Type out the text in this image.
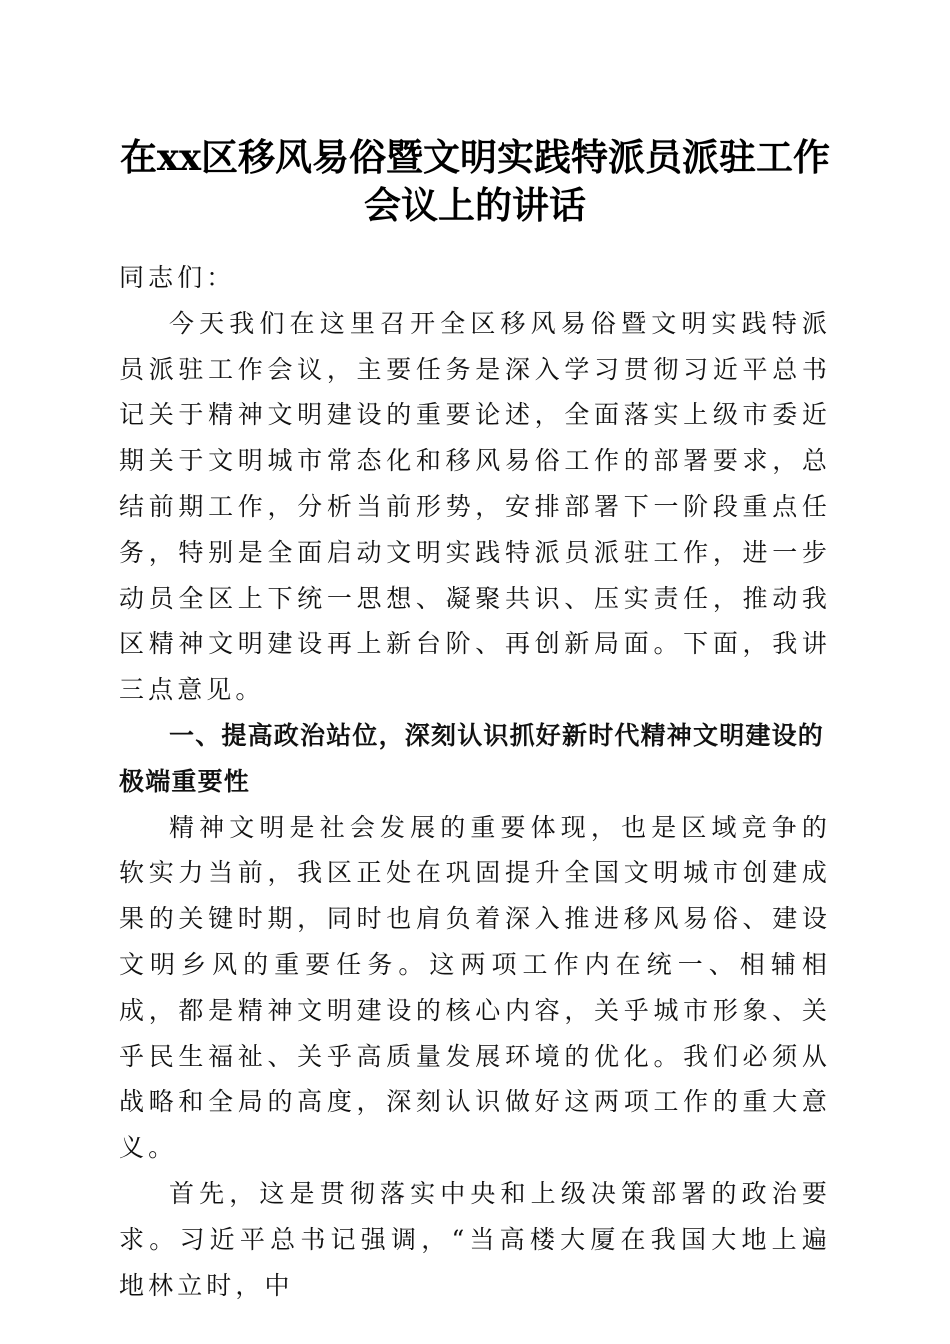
在xx区移风易俗暨文明实践特派员派驻工作
会议上的讲话

同志们：

今天我们在这里召开全区移风易俗暨文明实践特派员派驻工作会议，主要任务是深入学习贯彻习近平总书记关于精神文明建设的重要论述，全面落实上级市委近期关于文明城市常态化和移风易俗工作的部署要求，总结前期工作，分析当前形势，安排部署下一阶段重点任务，特别是全面启动文明实践特派员派驻工作，进一步动员全区上下统一思想、凝聚共识、压实责任，推动我区精神文明建设再上新台阶、再创新局面。下面，我讲三点意见。

一、提高政治站位，深刻认识抓好新时代精神文明建设的极端重要性

精神文明是社会发展的重要体现，也是区域竞争的软实力当前，我区正处在巩固提升全国文明城市创建成果的关键时期，同时也肩负着深入推进移风易俗、建设文明乡风的重要任务。这两项工作内在统一、相辅相成，都是精神文明建设的核心内容，关乎城市形象、关乎民生福祉、关乎高质量发展环境的优化。我们必须从战略和全局的高度，深刻认识做好这两项工作的重大意义。

首先，这是贯彻落实中央和上级决策部署的政治要求。习近平总书记强调，“当高楼大厦在我国大地上遍地林立时，中
